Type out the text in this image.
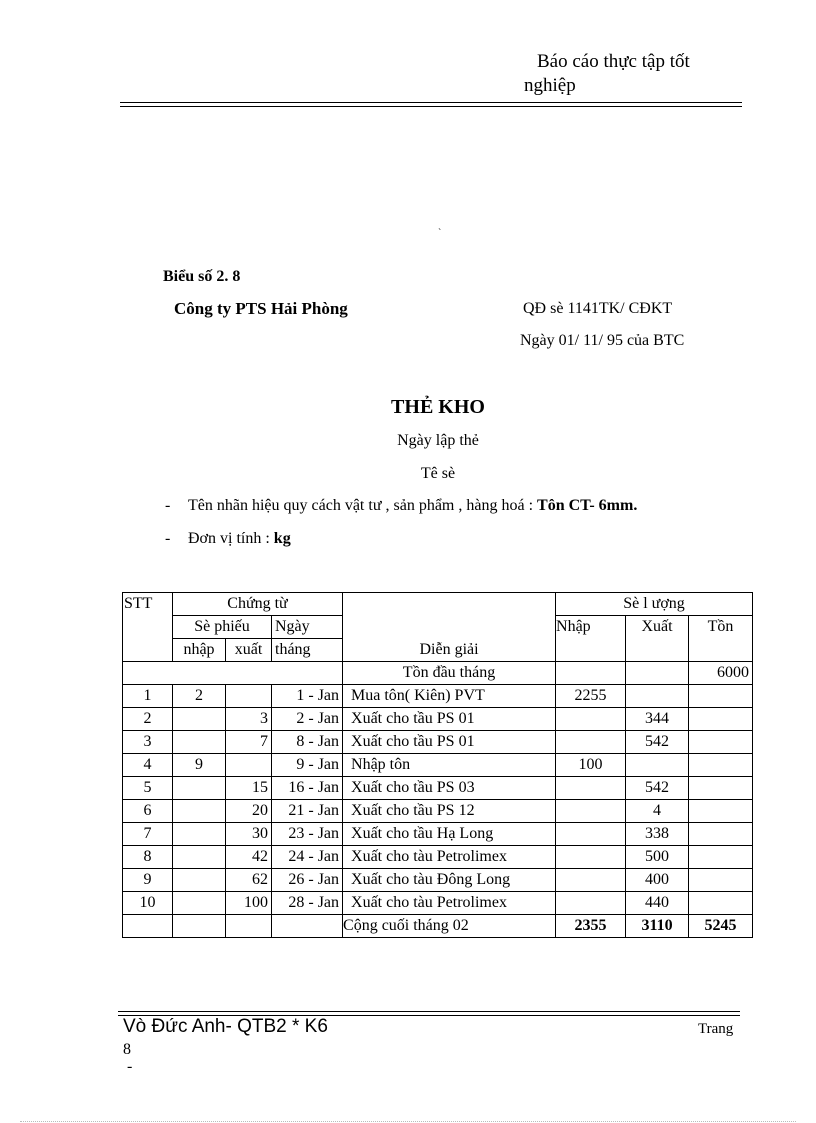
Báo cáo thực tập tốt
nghiệp
`
Biểu số 2. 8
Công ty PTS Hải Phòng	QĐ sè 1141TK/ CĐKT
Ngày 01/ 11/ 95 của BTC
THẺ KHO
Ngày lập thẻ
Tê sè
- Tên nhãn hiệu quy cách vật tư , sản phẩm , hàng hoá : Tôn CT- 6mm.
- Đơn vị tính : kg
STT	Chứng từ			Diễn giải	Sè l ượng		
	Sè phiếu		Ngày		Nhập	Xuất	Tồn
	nhập	xuất	tháng				
				Tồn đầu tháng			6000
1	2		1 - Jan	Mua tôn( Kiên) PVT	2255		
2		3	2 - Jan	Xuất cho tầu PS 01		344	
3		7	8 - Jan	Xuất cho tầu PS 01		542	
4	9		9 - Jan	Nhập tôn	100		
5		15	16 - Jan	Xuất cho tầu PS 03		542	
6		20	21 - Jan	Xuất cho tầu PS 12		4	
7		30	23 - Jan	Xuất cho tầu Hạ Long		338	
8		42	24 - Jan	Xuất cho tàu Petrolimex		500	
9		62	26 - Jan	Xuất cho tàu Đông Long		400	
10		100	28 - Jan	Xuất cho tàu Petrolimex		440	
				Cộng cuối tháng 02	2355	3110	5245
Vò Đức Anh- QTB2 * K6	Trang
8
-
